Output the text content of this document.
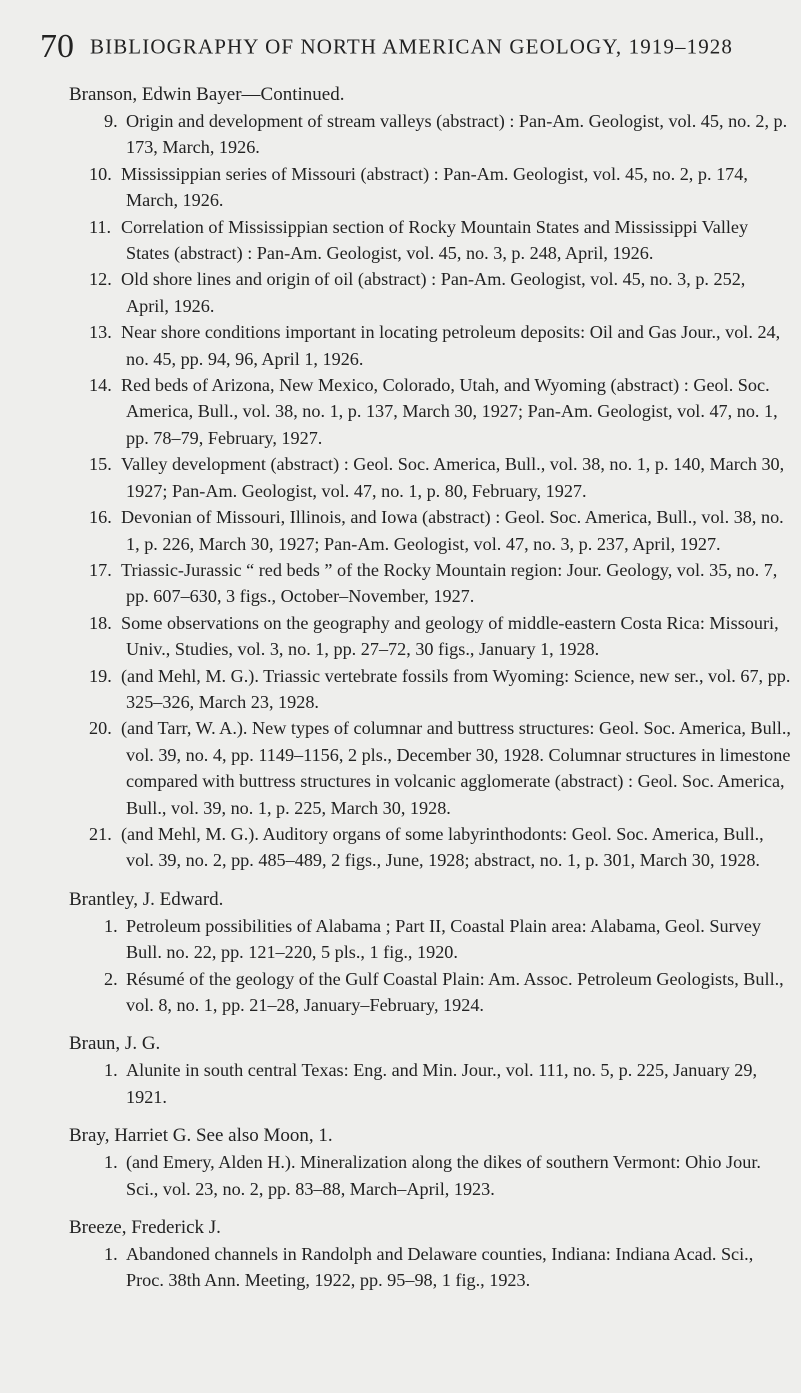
70 BIBLIOGRAPHY OF NORTH AMERICAN GEOLOGY, 1919–1928
Branson, Edwin Bayer—Continued.
9. Origin and development of stream valleys (abstract) : Pan-Am. Geologist, vol. 45, no. 2, p. 173, March, 1926.
10. Mississippian series of Missouri (abstract) : Pan-Am. Geologist, vol. 45, no. 2, p. 174, March, 1926.
11. Correlation of Mississippian section of Rocky Mountain States and Mississippi Valley States (abstract) : Pan-Am. Geologist, vol. 45, no. 3, p. 248, April, 1926.
12. Old shore lines and origin of oil (abstract) : Pan-Am. Geologist, vol. 45, no. 3, p. 252, April, 1926.
13. Near shore conditions important in locating petroleum deposits: Oil and Gas Jour., vol. 24, no. 45, pp. 94, 96, April 1, 1926.
14. Red beds of Arizona, New Mexico, Colorado, Utah, and Wyoming (abstract) : Geol. Soc. America, Bull., vol. 38, no. 1, p. 137, March 30, 1927; Pan-Am. Geologist, vol. 47, no. 1, pp. 78–79, February, 1927.
15. Valley development (abstract) : Geol. Soc. America, Bull., vol. 38, no. 1, p. 140, March 30, 1927; Pan-Am. Geologist, vol. 47, no. 1, p. 80, February, 1927.
16. Devonian of Missouri, Illinois, and Iowa (abstract) : Geol. Soc. America, Bull., vol. 38, no. 1, p. 226, March 30, 1927; Pan-Am. Geologist, vol. 47, no. 3, p. 237, April, 1927.
17. Triassic-Jurassic “ red beds ” of the Rocky Mountain region: Jour. Geology, vol. 35, no. 7, pp. 607–630, 3 figs., October–November, 1927.
18. Some observations on the geography and geology of middle-eastern Costa Rica: Missouri, Univ., Studies, vol. 3, no. 1, pp. 27–72, 30 figs., January 1, 1928.
19. (and Mehl, M. G.). Triassic vertebrate fossils from Wyoming: Science, new ser., vol. 67, pp. 325–326, March 23, 1928.
20. (and Tarr, W. A.). New types of columnar and buttress structures: Geol. Soc. America, Bull., vol. 39, no. 4, pp. 1149–1156, 2 pls., December 30, 1928. Columnar structures in limestone compared with buttress structures in volcanic agglomerate (abstract) : Geol. Soc. America, Bull., vol. 39, no. 1, p. 225, March 30, 1928.
21. (and Mehl, M. G.). Auditory organs of some labyrinthodonts: Geol. Soc. America, Bull., vol. 39, no. 2, pp. 485–489, 2 figs., June, 1928; abstract, no. 1, p. 301, March 30, 1928.
Brantley, J. Edward.
1. Petroleum possibilities of Alabama ; Part II, Coastal Plain area: Alabama, Geol. Survey Bull. no. 22, pp. 121–220, 5 pls., 1 fig., 1920.
2. Résumé of the geology of the Gulf Coastal Plain: Am. Assoc. Petroleum Geologists, Bull., vol. 8, no. 1, pp. 21–28, January–February, 1924.
Braun, J. G.
1. Alunite in south central Texas: Eng. and Min. Jour., vol. 111, no. 5, p. 225, January 29, 1921.
Bray, Harriet G. See also Moon, 1.
1. (and Emery, Alden H.). Mineralization along the dikes of southern Vermont: Ohio Jour. Sci., vol. 23, no. 2, pp. 83–88, March–April, 1923.
Breeze, Frederick J.
1. Abandoned channels in Randolph and Delaware counties, Indiana: Indiana Acad. Sci., Proc. 38th Ann. Meeting, 1922, pp. 95–98, 1 fig., 1923.
